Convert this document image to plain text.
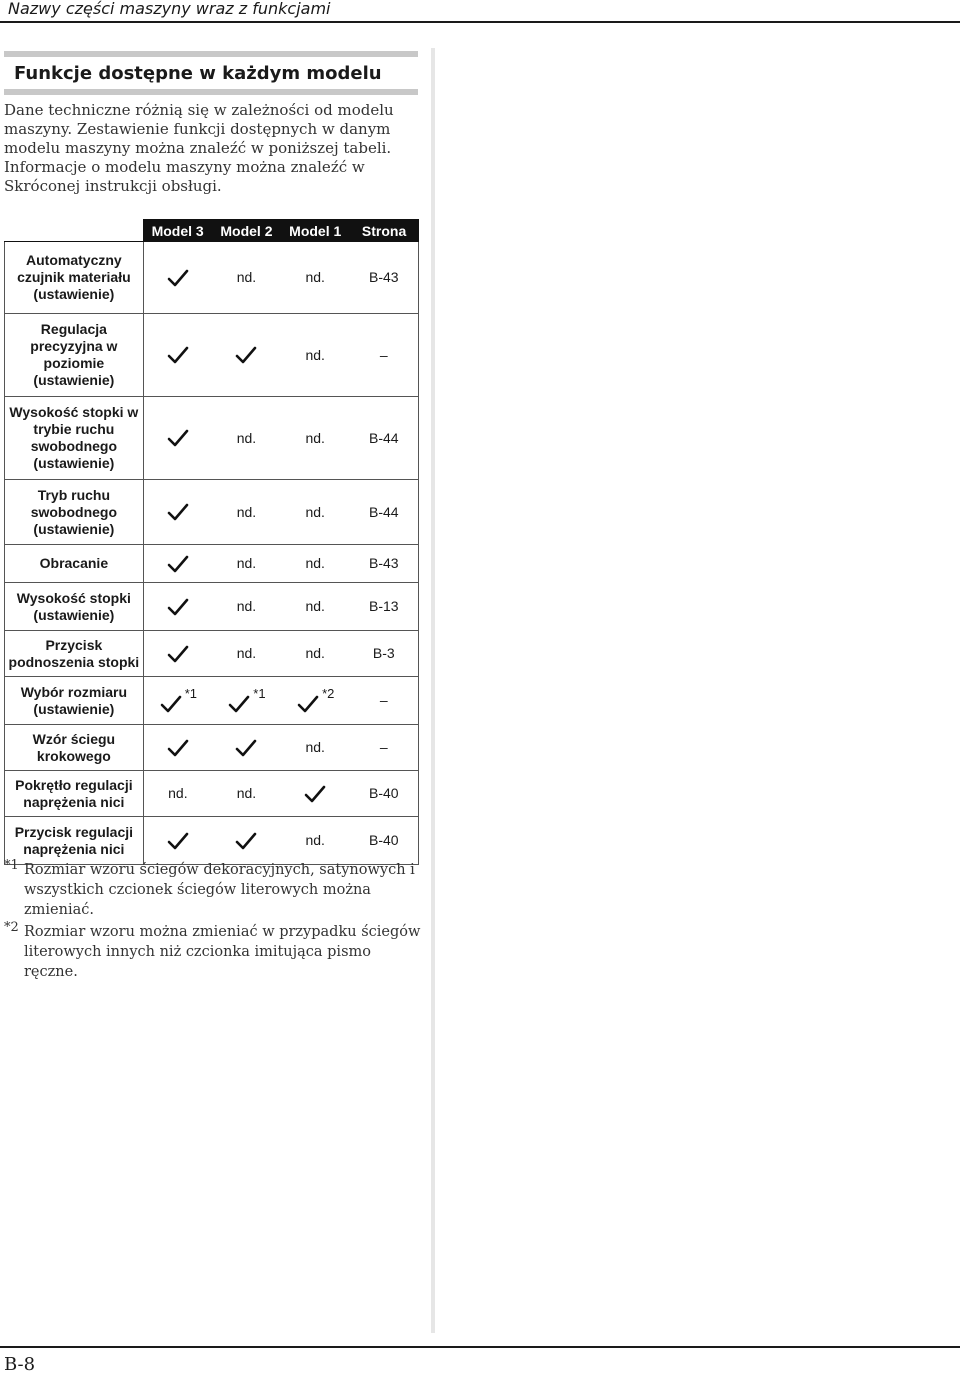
Nazwy części maszyny wraz z funkcjami
Funkcje dostępne w każdym modelu
Dane techniczne różnią się w zależności od modelu maszyny. Zestawienie funkcji dostępnych w danym modelu maszyny można znaleźć w poniższej tabeli. Informacje o modelu maszyny można znaleźć w Skróconej instrukcji obsługi.
	Model 3	Model 2	Model 1	Strona
Automatyczny czujnik materiału (ustawienie)		nd.	nd.	B-43
Regulacja precyzyjna w poziomie (ustawienie)			nd.	–
Wysokość stopki w trybie ruchu swobodnego (ustawienie)		nd.	nd.	B-44
Tryb ruchu swobodnego (ustawienie)		nd.	nd.	B-44
Obracanie		nd.	nd.	B-43
Wysokość stopki (ustawienie)		nd.	nd.	B-13
Przycisk podnoszenia stopki		nd.	nd.	B-3
Wybór rozmiaru (ustawienie)	*1	*1	*2	–
Wzór ściegu krokowego			nd.	–
Pokrętło regulacji naprężenia nici	nd.	nd.		B-40
Przycisk regulacji naprężenia nici			nd.	B-40
*1 Rozmiar wzoru ściegów dekoracyjnych, satynowych i wszystkich czcionek ściegów literowych można zmieniać.
*2 Rozmiar wzoru można zmieniać w przypadku ściegów literowych innych niż czcionka imitująca pismo ręczne.
B-8
